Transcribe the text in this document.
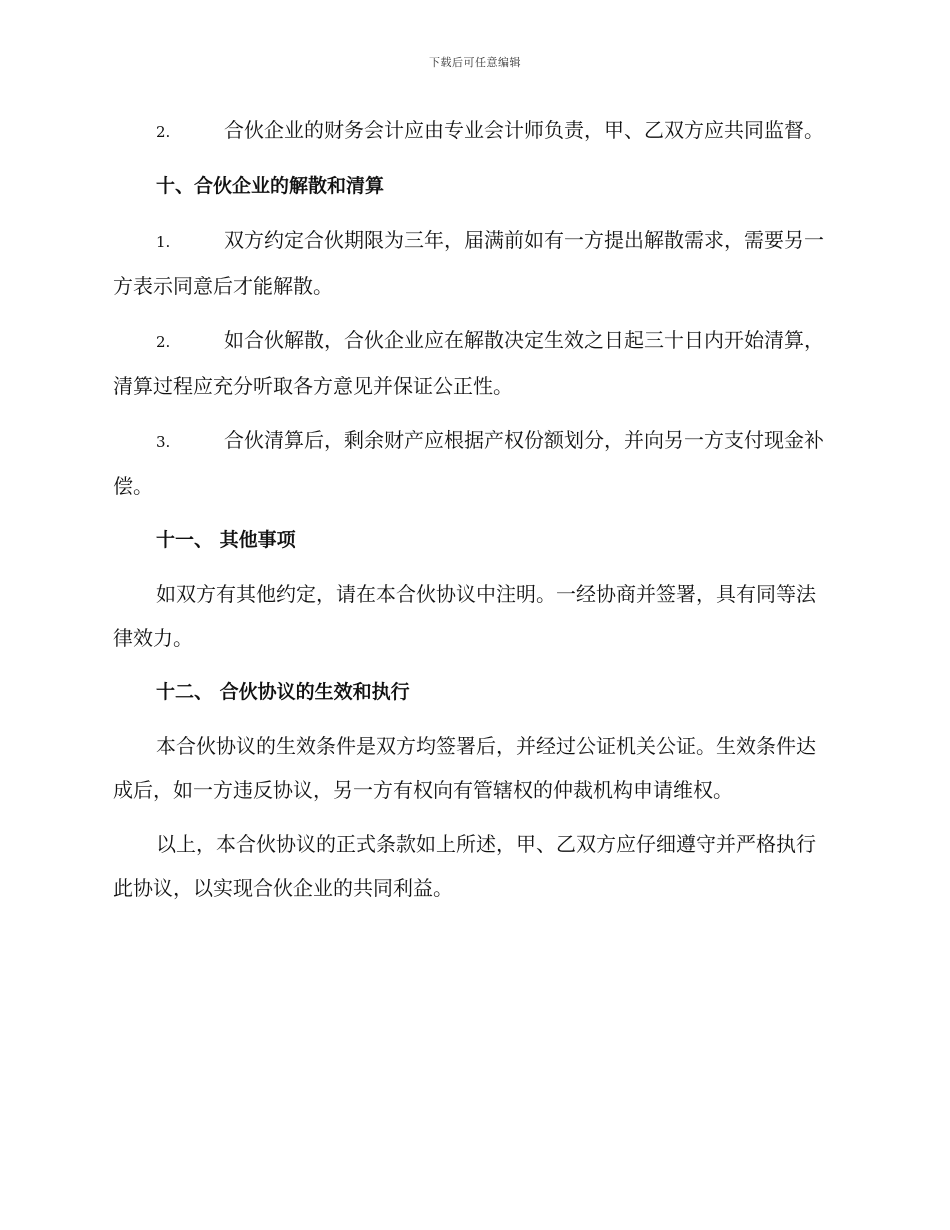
下载后可任意编辑

2.	合伙企业的财务会计应由专业会计师负责，甲、乙双方应共同监督。

十、合伙企业的解散和清算

1.	双方约定合伙期限为三年，届满前如有一方提出解散需求，需要另一方表示同意后才能解散。

2.	如合伙解散，合伙企业应在解散决定生效之日起三十日内开始清算，清算过程应充分听取各方意见并保证公正性。

3.	合伙清算后，剩余财产应根据产权份额划分，并向另一方支付现金补偿。

十一、 其他事项

如双方有其他约定，请在本合伙协议中注明。一经协商并签署，具有同等法律效力。

十二、 合伙协议的生效和执行

本合伙协议的生效条件是双方均签署后，并经过公证机关公证。生效条件达成后，如一方违反协议，另一方有权向有管辖权的仲裁机构申请维权。

以上，本合伙协议的正式条款如上所述，甲、乙双方应仔细遵守并严格执行此协议，以实现合伙企业的共同利益。
